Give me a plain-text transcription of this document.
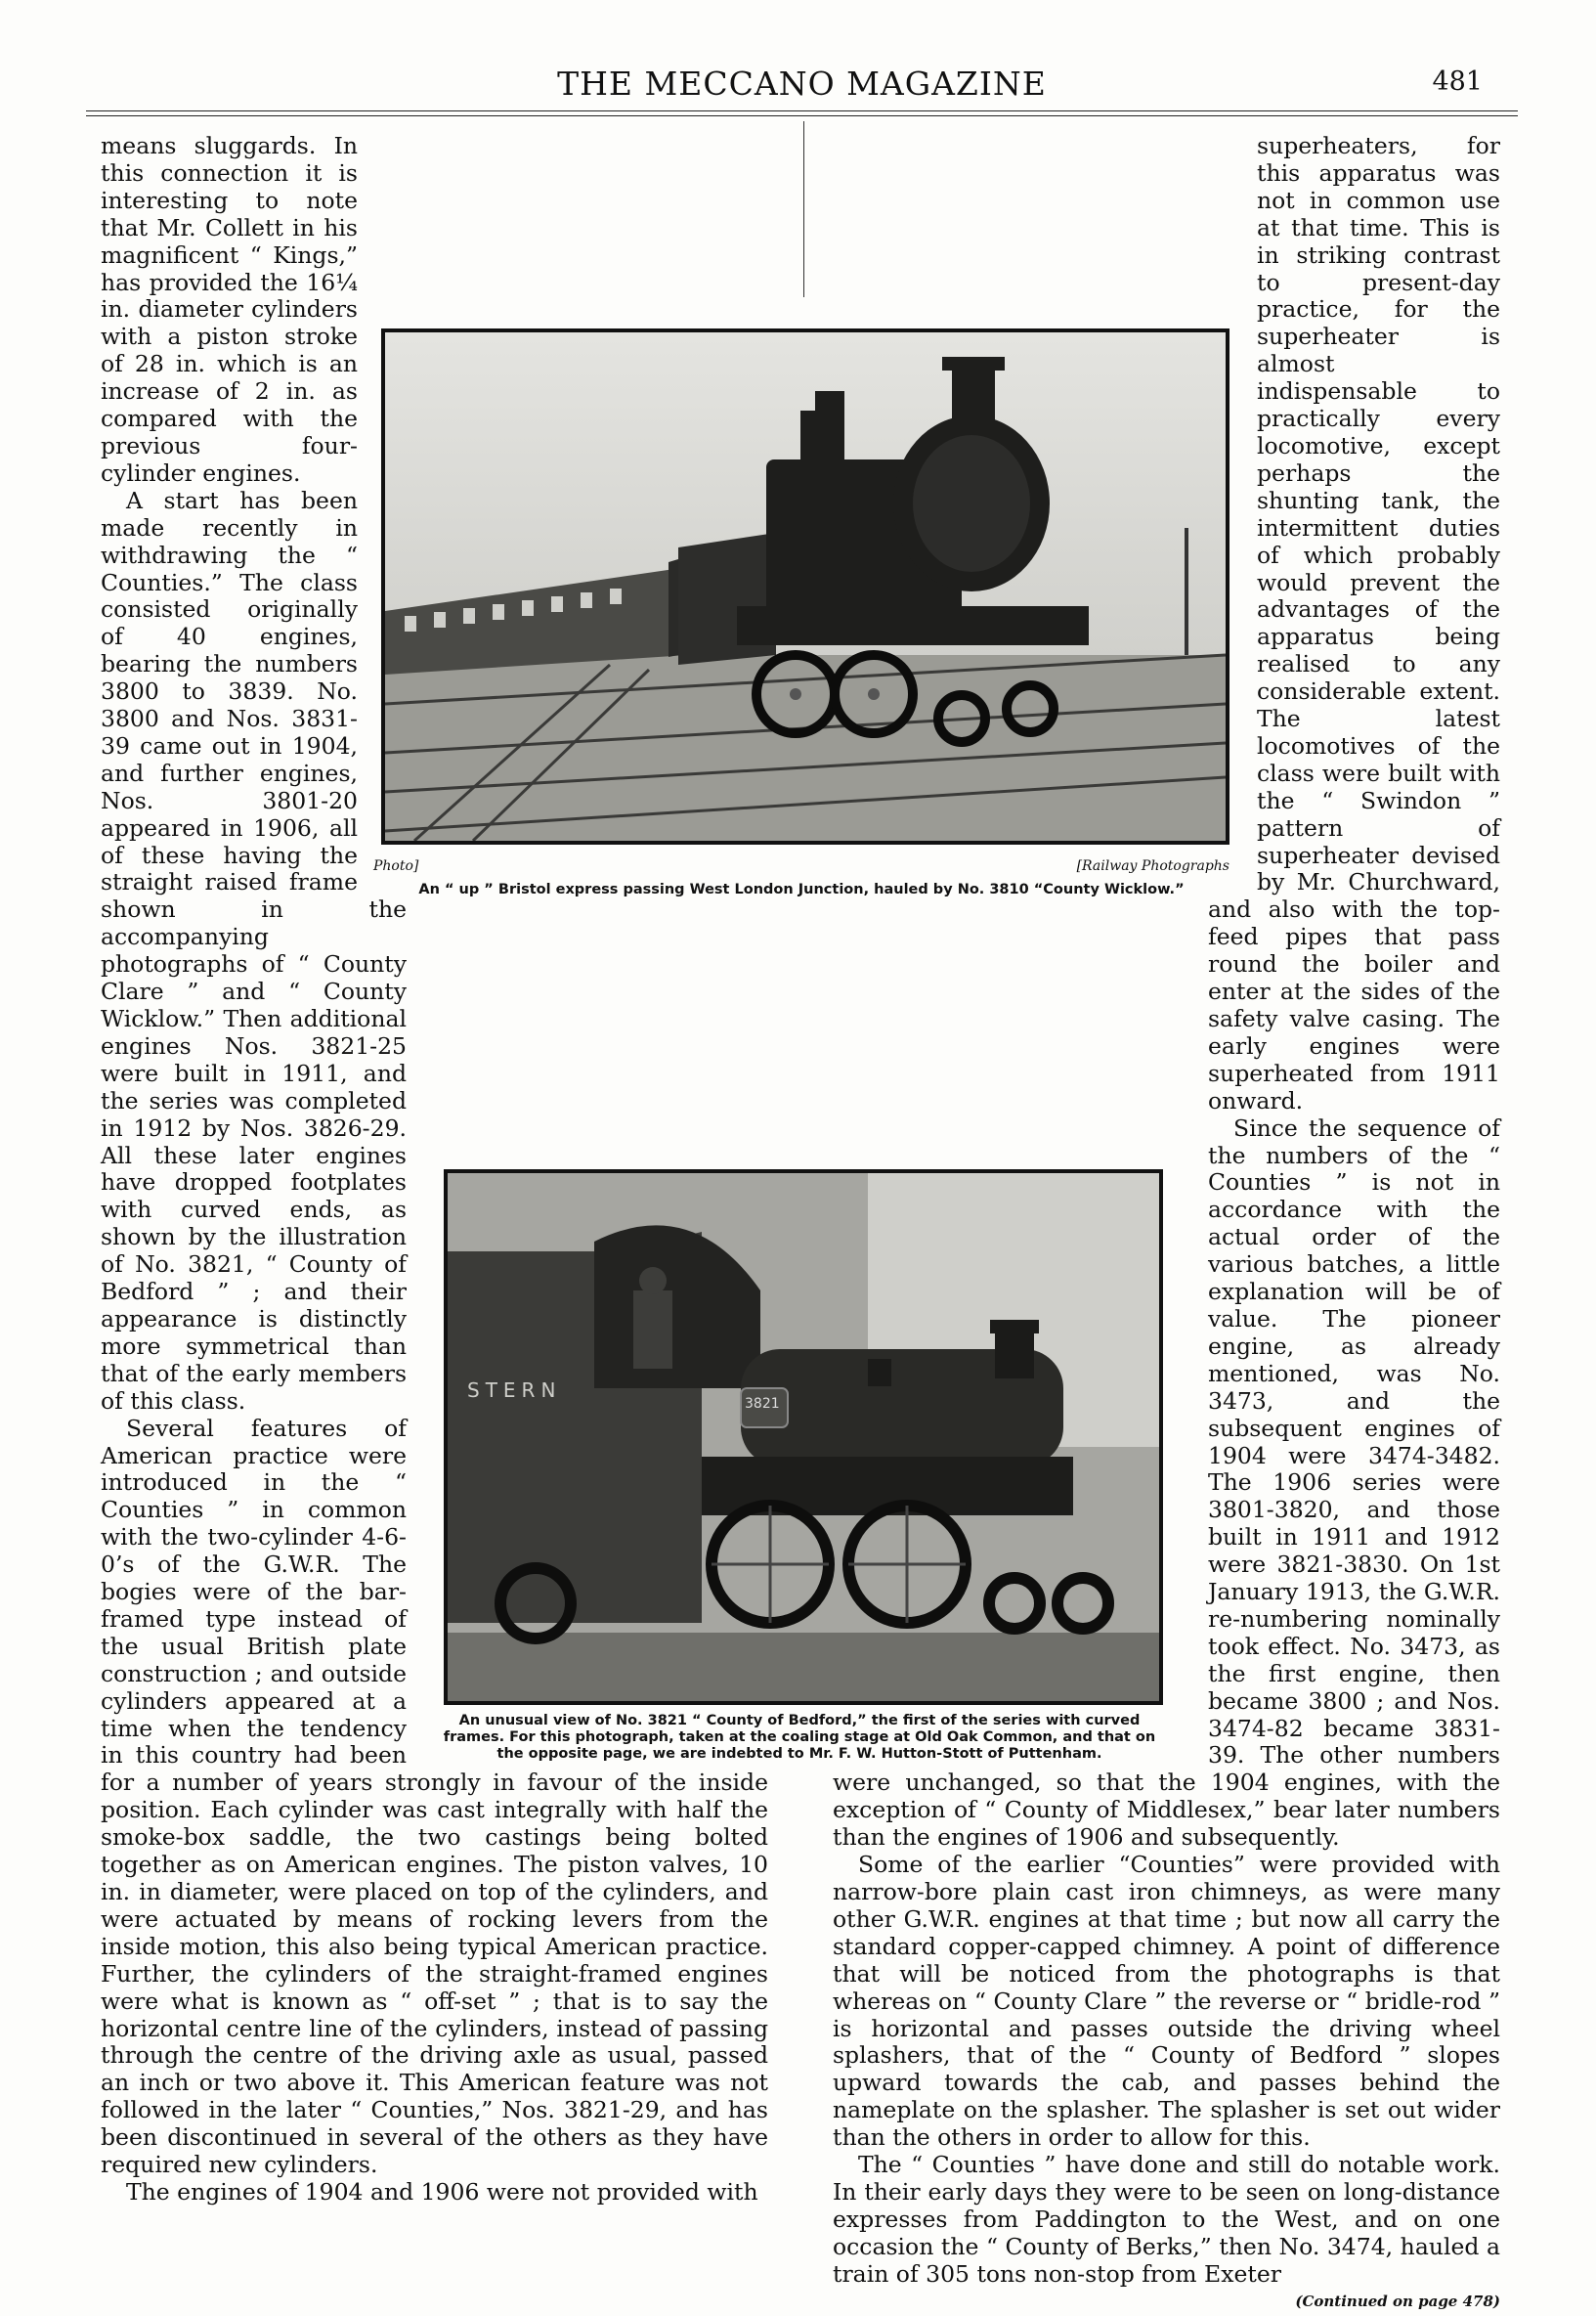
THE MECCANO MAGAZINE	481

means sluggards. In this connection it is interesting to note that Mr. Collett in his magnificent “ Kings,” has provided the 16¼ in. diameter cylinders with a piston stroke of 28 in. which is an increase of 2 in. as compared with the previous four-cylinder engines.

A start has been made recently in withdrawing the “ Counties.” The class consisted originally of 40 engines, bearing the numbers 3800 to 3839. No. 3800 and Nos. 3831-39 came out in 1904, and further engines, Nos. 3801-20 appeared in 1906, all of these having the straight raised frame shown in the accompanying photographs of “ County Clare ” and “ County Wicklow.” Then additional engines Nos. 3821-25 were built in 1911, and the series was completed in 1912 by Nos. 3826-29. All these later engines have dropped footplates with curved ends, as shown by the illustration of No. 3821, “ County of Bedford ” ; and their appearance is distinctly more symmetrical than that of the early members of this class.

Several features of American practice were introduced in the “ Counties ” in common with the two-cylinder 4-6-0’s of the G.W.R. The bogies were of the bar-framed type instead of the usual British plate construction ; and outside cylinders appeared at a time when the tendency in this country had been for a number of years strongly in favour of the inside position. Each cylinder was cast integrally with half the smoke-box saddle, the two castings being bolted together as on American engines. The piston valves, 10 in. in diameter, were placed on top of the cylinders, and were actuated by means of rocking levers from the inside motion, this also being typical American practice. Further, the cylinders of the straight-framed engines were what is known as “ off-set ” ; that is to say the horizontal centre line of the cylinders, instead of passing through the centre of the driving axle as usual, passed an inch or two above it. This American feature was not followed in the later “ Counties,” Nos. 3821-29, and has been discontinued in several of the others as they have required new cylinders.

The engines of 1904 and 1906 were not provided with

superheaters, for this apparatus was not in common use at that time. This is in striking contrast to present-day practice, for the superheater is almost indispensable to practically every locomotive, except perhaps the shunting tank, the intermittent duties of which probably would prevent the advantages of the apparatus being realised to any considerable extent. The latest locomotives of the class were built with the “ Swindon ” pattern of superheater devised by Mr. Churchward, and also with the top-feed pipes that pass round the boiler and enter at the sides of the safety valve casing. The early engines were superheated from 1911 onward.

Since the sequence of the numbers of the “ Counties ” is not in accordance with the actual order of the various batches, a little explanation will be of value. The pioneer engine, as already mentioned, was No. 3473, and the subsequent engines of 1904 were 3474-3482. The 1906 series were 3801-3820, and those built in 1911 and 1912 were 3821-3830. On 1st January 1913, the G.W.R. re-numbering nominally took effect. No. 3473, as the first engine, then became 3800 ; and Nos. 3474-82 became 3831-39. The other numbers were unchanged, so that the 1904 engines, with the exception of “ County of Middlesex,” bear later numbers than the engines of 1906 and subsequently.

Some of the earlier “Counties” were provided with narrow-bore plain cast iron chimneys, as were many other G.W.R. engines at that time ; but now all carry the standard copper-capped chimney. A point of difference that will be noticed from the photographs is that whereas on “ County Clare ” the reverse or “ bridle-rod ” is horizontal and passes outside the driving wheel splashers, that of the “ County of Bedford ” slopes upward towards the cab, and passes behind the nameplate on the splasher. The splasher is set out wider than the others in order to allow for this.

The “ Counties ” have done and still do notable work. In their early days they were to be seen on long-distance expresses from Paddington to the West, and on one occasion the “ County of Berks,” then No. 3474, hauled a train of 305 tons non-stop from Exeter

(Continued on page 478)
Photo]	[Railway Photographs
An “ up ” Bristol express passing West London Junction, hauled by No. 3810 “County Wicklow.”
STERN
3821
An unusual view of No. 3821 “ County of Bedford,” the first of the series with curved frames. For this photograph, taken at the coaling stage at Old Oak Common, and that on the opposite page, we are indebted to Mr. F. W. Hutton-Stott of Puttenham.
